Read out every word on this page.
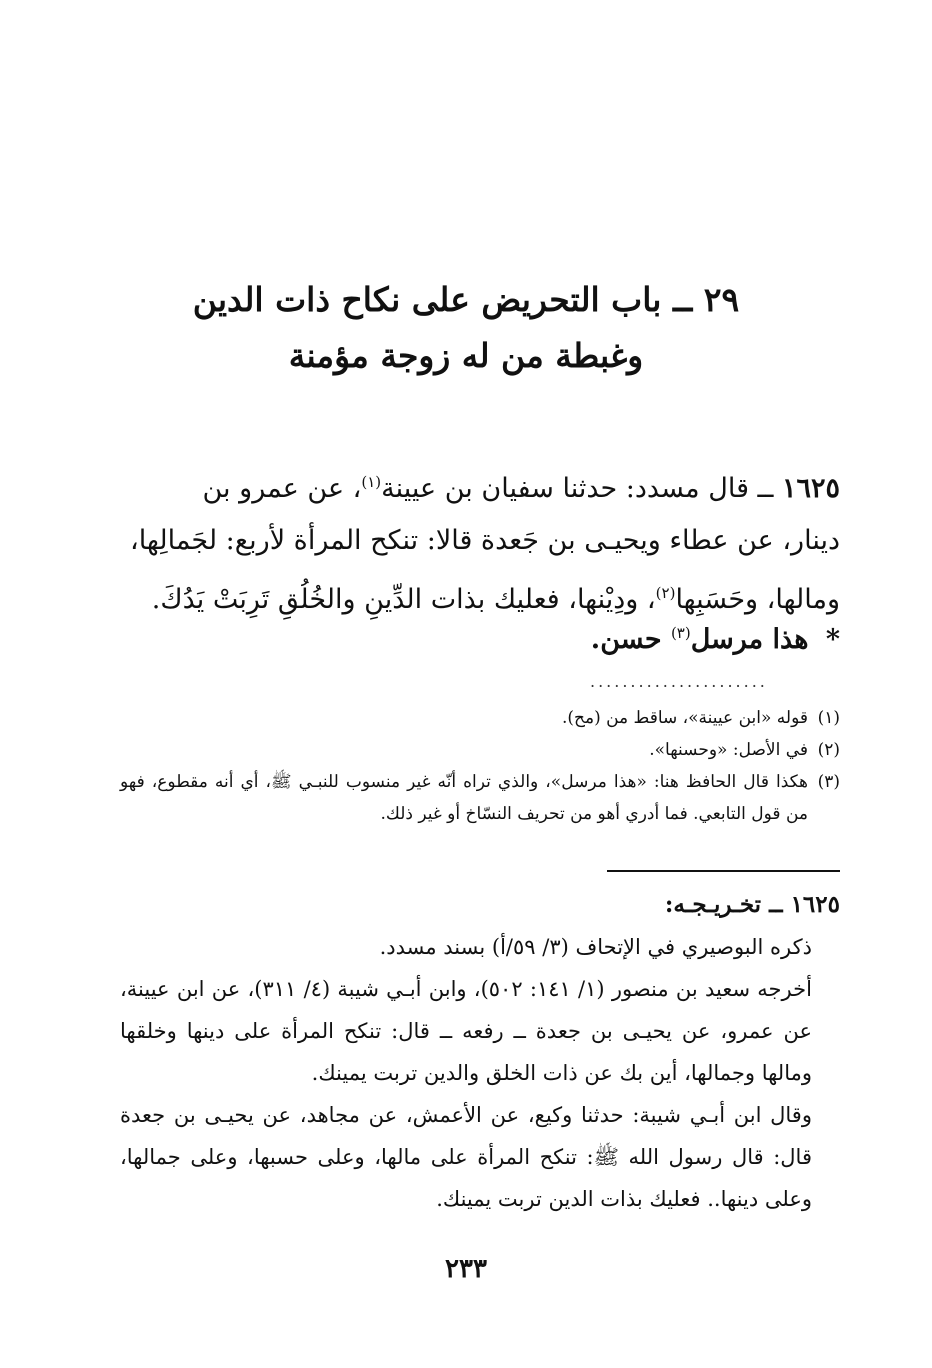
٢٩ ــ باب التحريض على نكاح ذات الدين
وغبطة من له زوجة مؤمنة

١٦٢٥ ــ قال مسدد: حدثنا سفيان بن عيينة$^{(١)}$، عن عمرو بن

دينار، عن عطاء ويحيـى بن جَعدة قالا: تنكح المرأة لأربع: لجَمالِها،

ومالها، وحَسَبِها$^{(٢)}$، ودِيْنها، فعليك بذات الدِّينِ والخُلُقِ تَرِبَتْ يَدُكَ.

* هذا مرسل$^{(٣)}$ حسن.
......................
(١)
قوله «ابن عيينة»، ساقط من (مح).
(٢)
في الأصل: «وحسنها».
(٣)
هكذا قال الحافظ هنا: «هذا مرسل»، والذي تراه أنّه غير منسوب للنبـي ﷺ، أي أنه مقطوع، فهو من قول التابعي. فما أدري أهو من تحريف النسّاخ أو غير ذلك.

١٦٢٥ ــ تخـريـجـه:

ذكره البوصيري في الإتحاف (٣/ ٥٩/أ) بسند مسدد.

أخرجه سعيد بن منصور (١/ ١٤١: ٥٠٢)، وابن أبـي شيبة (٤/ ٣١١)، عن ابن عيينة، عن عمرو، عن يحيـى بن جعدة ــ رفعه ــ قال: تنكح المرأة على دينها وخلقها ومالها وجمالها، أين بك عن ذات الخلق والدين تربت يمينك.

وقال ابن أبـي شيبة: حدثنا وكيع، عن الأعمش، عن مجاهد، عن يحيـى بن جعدة قال: قال رسول الله ﷺ: تنكح المرأة على مالها، وعلى حسبها، وعلى جمالها، وعلى دينها.. فعليك بذات الدين تربت يمينك.

٢٣٣
